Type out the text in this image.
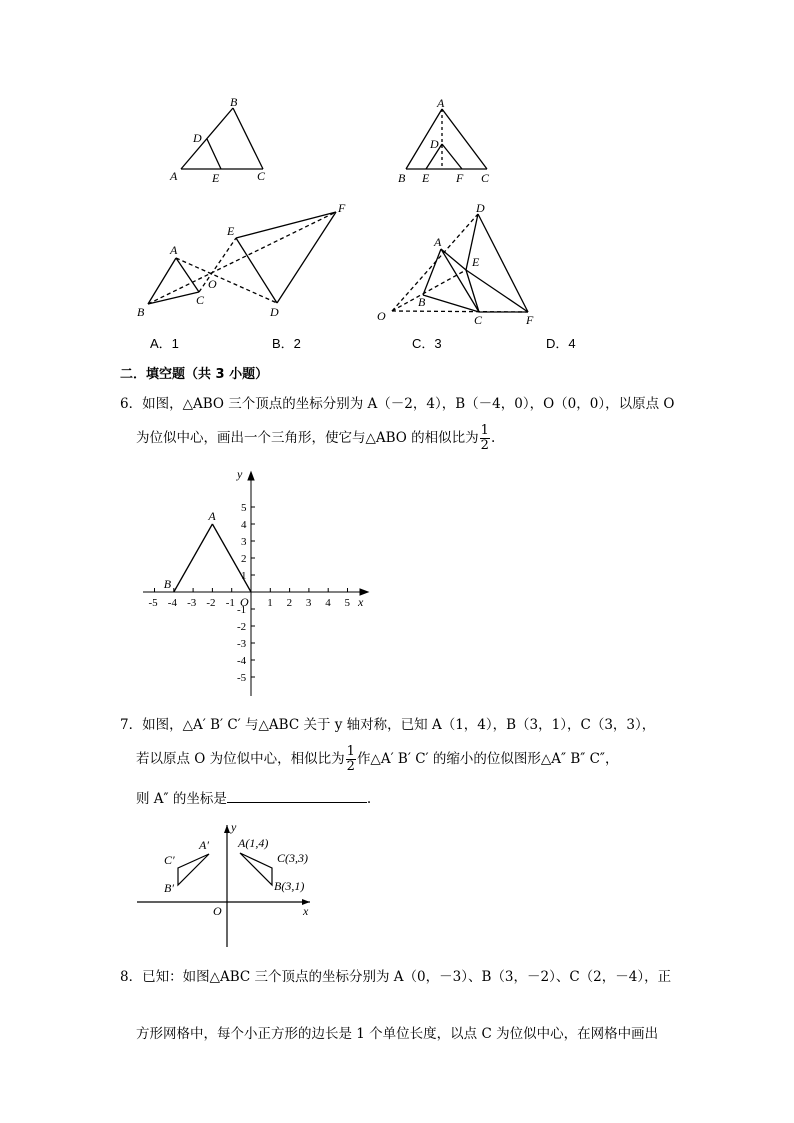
B
D
A	E	C
A
D
B E F C
A
O
B
C
E
F
D
D
A
E
B
O	C	F
A．1	B．2	C．3	D．4
二．填空题（共 3 小题）
6．如图，△ABO 三个顶点的坐标分别为 A（－2，4），B（－4，0），O（0，0），以原点 O
为位似中心，画出一个三角形，使它与△ABO 的相似比为 $\frac{1}{2}$ .
-5 -4 -3 -2 -1	1 2 3 4 5
5
4
3
2
1
-1
-2
-3
-4
-5
A
B
O	x
y
7．如图，△A′ B′ C′ 与△ABC 关于 y 轴对称，已知 A（1，4），B（3，1），C（3，3），
若以原点 O 为位似中心，相似比为 $\frac{1}{2}$ 作△A′ B′ C′ 的缩小的位似图形△A″ B″ C″，
则 A″ 的坐标是	.
y
x
O
A(1,4)
C(3,3)
B(3,1)
A′
C′
B′
8．已知：如图△ABC 三个顶点的坐标分别为 A（0，－3）、B（3，－2）、C（2，－4），正
方形网格中，每个小正方形的边长是 1 个单位长度，以点 C 为位似中心，在网格中画出
